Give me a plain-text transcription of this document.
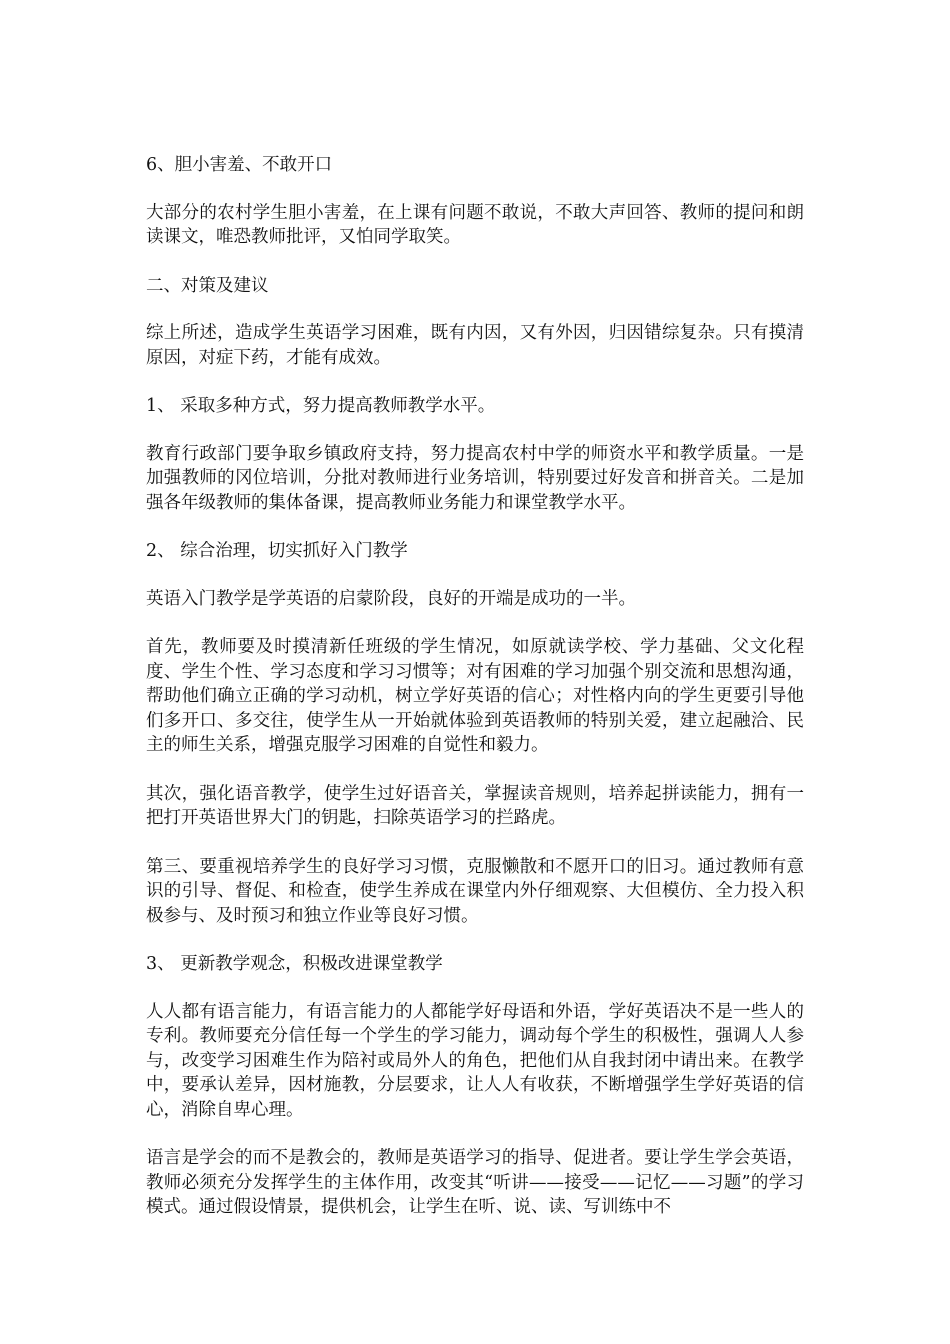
6、胆小害羞、不敢开口

大部分的农村学生胆小害羞，在上课有问题不敢说，不敢大声回答、教师的提问和朗读课文，唯恐教师批评，又怕同学取笑。

二、对策及建议

综上所述，造成学生英语学习困难，既有内因，又有外因，归因错综复杂。只有摸清原因，对症下药，才能有成效。

1、 采取多种方式，努力提高教师教学水平。

教育行政部门要争取乡镇政府支持，努力提高农村中学的师资水平和教学质量。一是加强教师的冈位培训，分批对教师进行业务培训，特别要过好发音和拼音关。二是加强各年级教师的集体备课，提高教师业务能力和课堂教学水平。

2、 综合治理，切实抓好入门教学

英语入门教学是学英语的启蒙阶段，良好的开端是成功的一半。

首先，教师要及时摸清新任班级的学生情况，如原就读学校、学力基础、父文化程度、学生个性、学习态度和学习习惯等；对有困难的学习加强个别交流和思想沟通，帮助他们确立正确的学习动机，树立学好英语的信心；对性格内向的学生更要引导他们多开口、多交往，使学生从一开始就体验到英语教师的特别关爱，建立起融洽、民主的师生关系，增强克服学习困难的自觉性和毅力。

其次，强化语音教学，使学生过好语音关，掌握读音规则，培养起拼读能力，拥有一把打开英语世界大门的钥匙，扫除英语学习的拦路虎。

第三、要重视培养学生的良好学习习惯，克服懒散和不愿开口的旧习。通过教师有意识的引导、督促、和检查，使学生养成在课堂内外仔细观察、大但模仿、全力投入积极参与、及时预习和独立作业等良好习惯。

3、 更新教学观念，积极改进课堂教学

人人都有语言能力，有语言能力的人都能学好母语和外语，学好英语决不是一些人的专利。教师要充分信任每一个学生的学习能力，调动每个学生的积极性，强调人人参与，改变学习困难生作为陪衬或局外人的角色，把他们从自我封闭中请出来。在教学中，要承认差异，因材施教，分层要求，让人人有收获，不断增强学生学好英语的信心，消除自卑心理。

语言是学会的而不是教会的，教师是英语学习的指导、促进者。要让学生学会英语，教师必须充分发挥学生的主体作用，改变其“听讲——接受——记忆——习题”的学习模式。通过假设情景，提供机会，让学生在听、说、读、写训练中不
